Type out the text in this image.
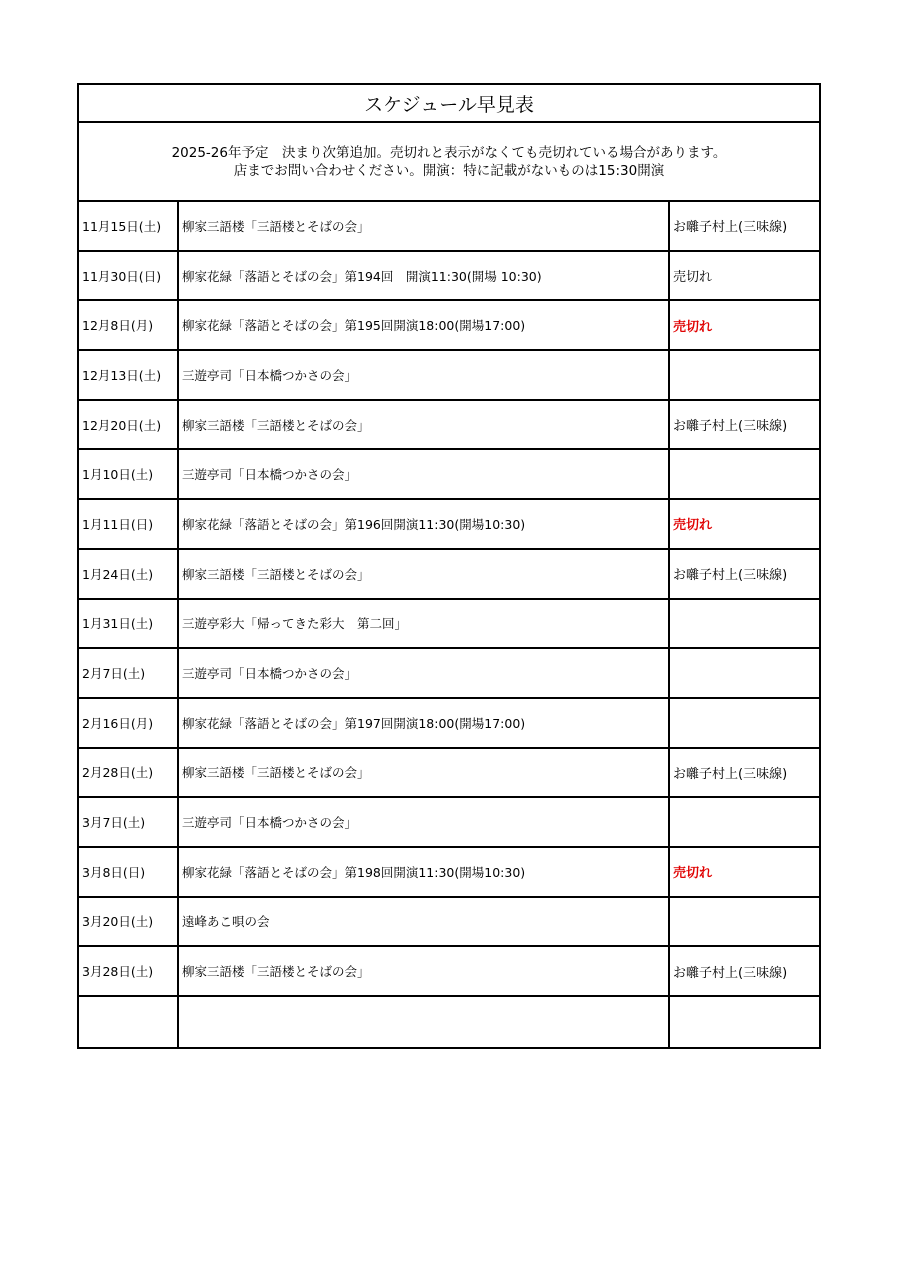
スケジュール早見表
2025-26年予定　決まり次第追加。売切れと表示がなくても売切れている場合があります。
店までお問い合わせください。開演：特に記載がないものは15:30開演
11月15日(土)	柳家三語楼「三語楼とそばの会」	お囃子村上(三味線)
11月30日(日)	柳家花緑「落語とそばの会」第194回　開演11:30(開場 10:30)	売切れ
12月8日(月)	柳家花緑「落語とそばの会」第195回開演18:00(開場17:00)	売切れ
12月13日(土)	三遊亭司「日本橋つかさの会」
12月20日(土)	柳家三語楼「三語楼とそばの会」	お囃子村上(三味線)
1月10日(土)	三遊亭司「日本橋つかさの会」
1月11日(日)	柳家花緑「落語とそばの会」第196回開演11:30(開場10:30)	売切れ
1月24日(土)	柳家三語楼「三語楼とそばの会」	お囃子村上(三味線)
1月31日(土)	三遊亭彩大「帰ってきた彩大　第二回」
2月7日(土)	三遊亭司「日本橋つかさの会」
2月16日(月)	柳家花緑「落語とそばの会」第197回開演18:00(開場17:00)
2月28日(土)	柳家三語楼「三語楼とそばの会」	お囃子村上(三味線)
3月7日(土)	三遊亭司「日本橋つかさの会」
3月8日(日)	柳家花緑「落語とそばの会」第198回開演11:30(開場10:30)	売切れ
3月20日(土)	遠峰あこ唄の会
3月28日(土)	柳家三語楼「三語楼とそばの会」	お囃子村上(三味線)
